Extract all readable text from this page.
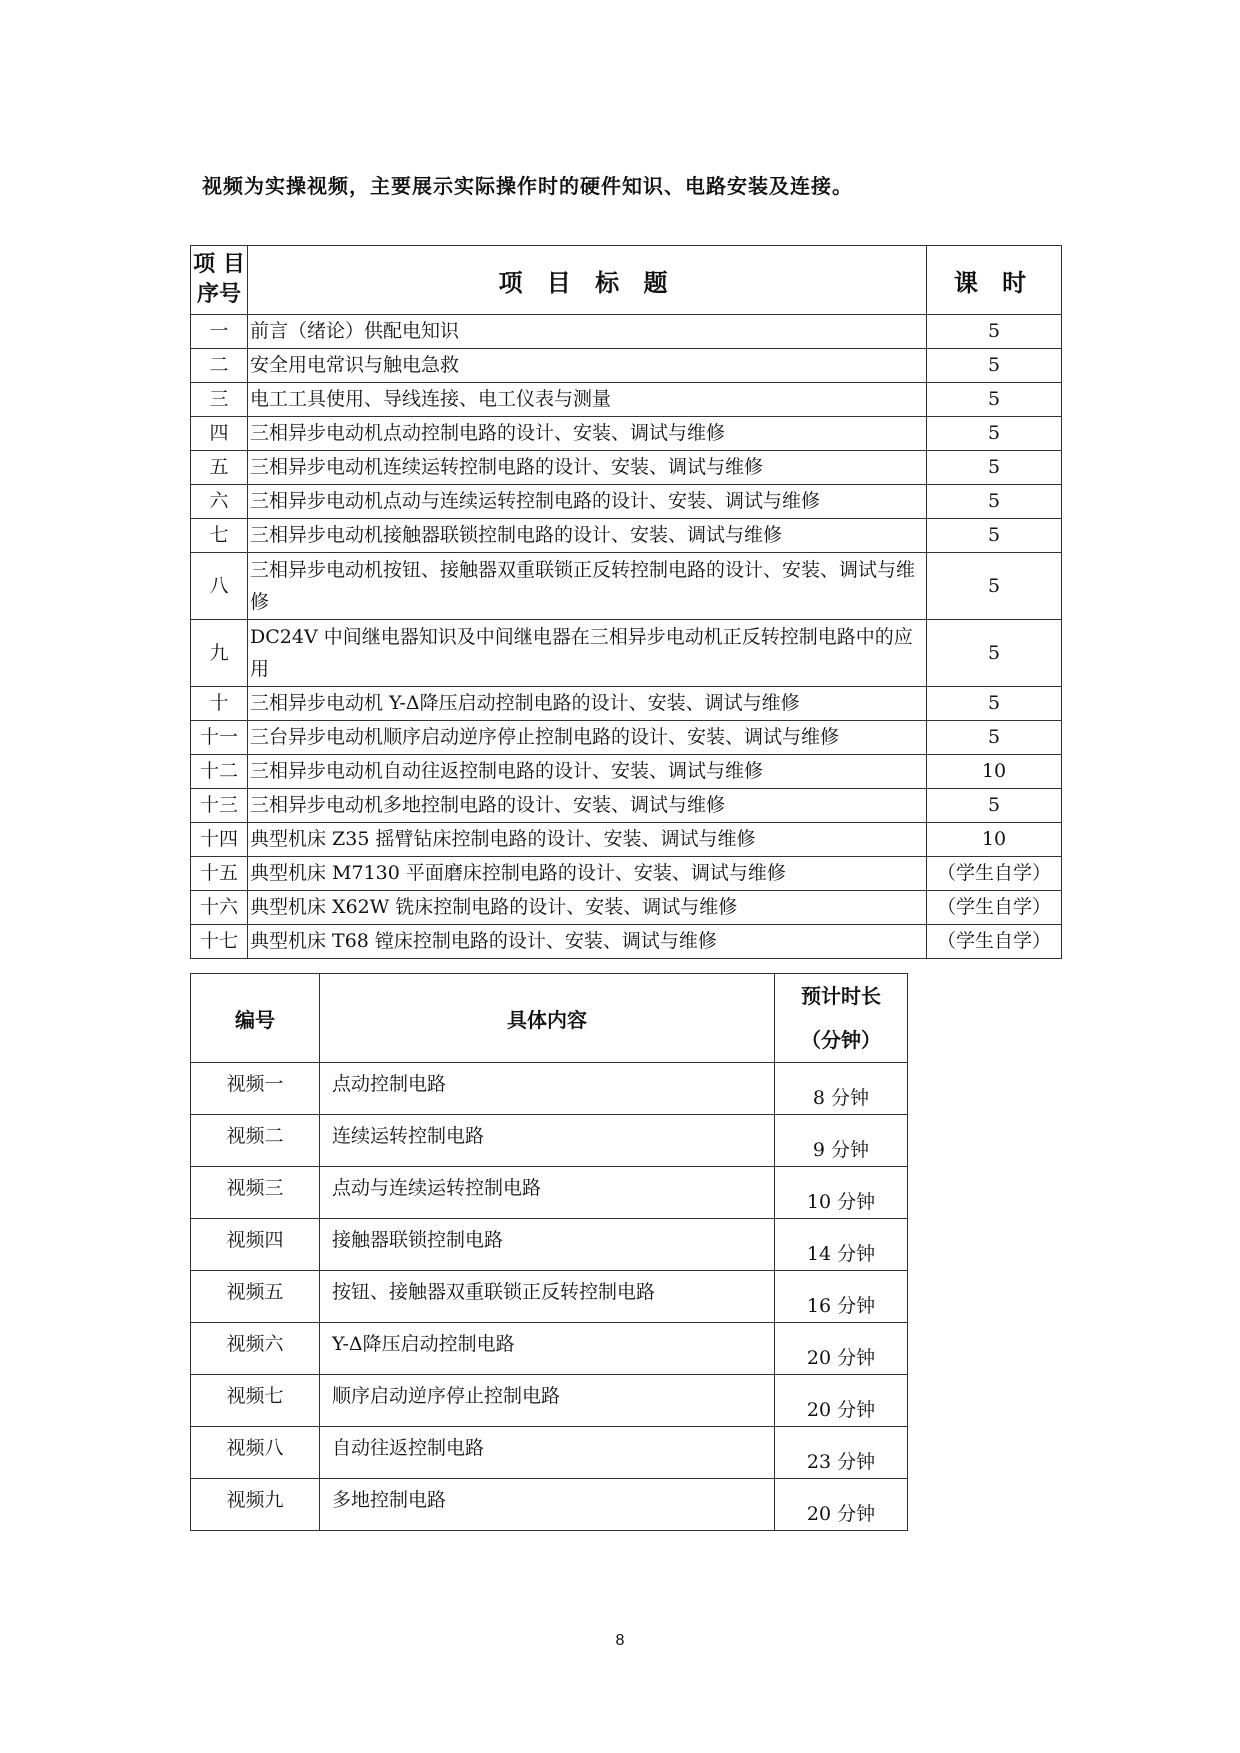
视频为实操视频，主要展示实际操作时的硬件知识、电路安装及连接。
项 目
序号	项 目 标 题	课 时
一	前言（绪论）供配电知识	5
二	安全用电常识与触电急救	5
三	电工工具使用、导线连接、电工仪表与测量	5
四	三相异步电动机点动控制电路的设计、安装、调试与维修	5
五	三相异步电动机连续运转控制电路的设计、安装、调试与维修	5
六	三相异步电动机点动与连续运转控制电路的设计、安装、调试与维修	5
七	三相异步电动机接触器联锁控制电路的设计、安装、调试与维修	5
八	三相异步电动机按钮、接触器双重联锁正反转控制电路的设计、安装、调试与维修	5
九	DC24V 中间继电器知识及中间继电器在三相异步电动机正反转控制电路中的应用	5
十	三相异步电动机 Y-Δ降压启动控制电路的设计、安装、调试与维修	5
十一	三台异步电动机顺序启动逆序停止控制电路的设计、安装、调试与维修	5
十二	三相异步电动机自动往返控制电路的设计、安装、调试与维修	10
十三	三相异步电动机多地控制电路的设计、安装、调试与维修	5
十四	典型机床 Z35 摇臂钻床控制电路的设计、安装、调试与维修	10
十五	典型机床 M7130 平面磨床控制电路的设计、安装、调试与维修	（学生自学）
十六	典型机床 X62W 铣床控制电路的设计、安装、调试与维修	（学生自学）
十七	典型机床 T68 镗床控制电路的设计、安装、调试与维修	（学生自学）
编号	具体内容	预计时长
（分钟）

视频一	点动控制电路	8 分钟
视频二	连续运转控制电路	9 分钟
视频三	点动与连续运转控制电路	10 分钟
视频四	接触器联锁控制电路	14 分钟
视频五	按钮、接触器双重联锁正反转控制电路	16 分钟
视频六	Y-Δ降压启动控制电路	20 分钟
视频七	顺序启动逆序停止控制电路	20 分钟
视频八	自动往返控制电路	23 分钟
视频九	多地控制电路	20 分钟
8
